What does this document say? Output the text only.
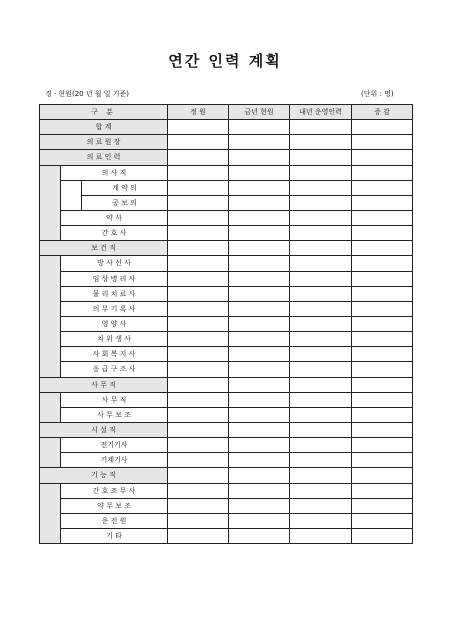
연간 인력 계획
경 · 현원(20 년 월 일 기준)	(단위 : 명)
구 분			정 원	금년 현원	내년 운영인력	증 감
합 계						
의 료 원 장						
의 료 인 력						
	의 사 직					
		계 약 의				
		공 보 의				
	약 사					
	간 호 사					
보 건 직						
	방 사 선 사					
	임 상 병 리 사					
	물 리 치 료 사					
	의 무 기 록 사					
	영 양 사					
	치 위 생 사					
	사 회 복 지 사					
	응 급 구 조 사					
사 무 직						
	사 무 직					
	사 무 보 조					
시 설 직						
	전기기사					
	기계기사					
기 능 직						
	간 호 조 무 사					
	약 무 보 조					
	운 전 원					
	기 타					
